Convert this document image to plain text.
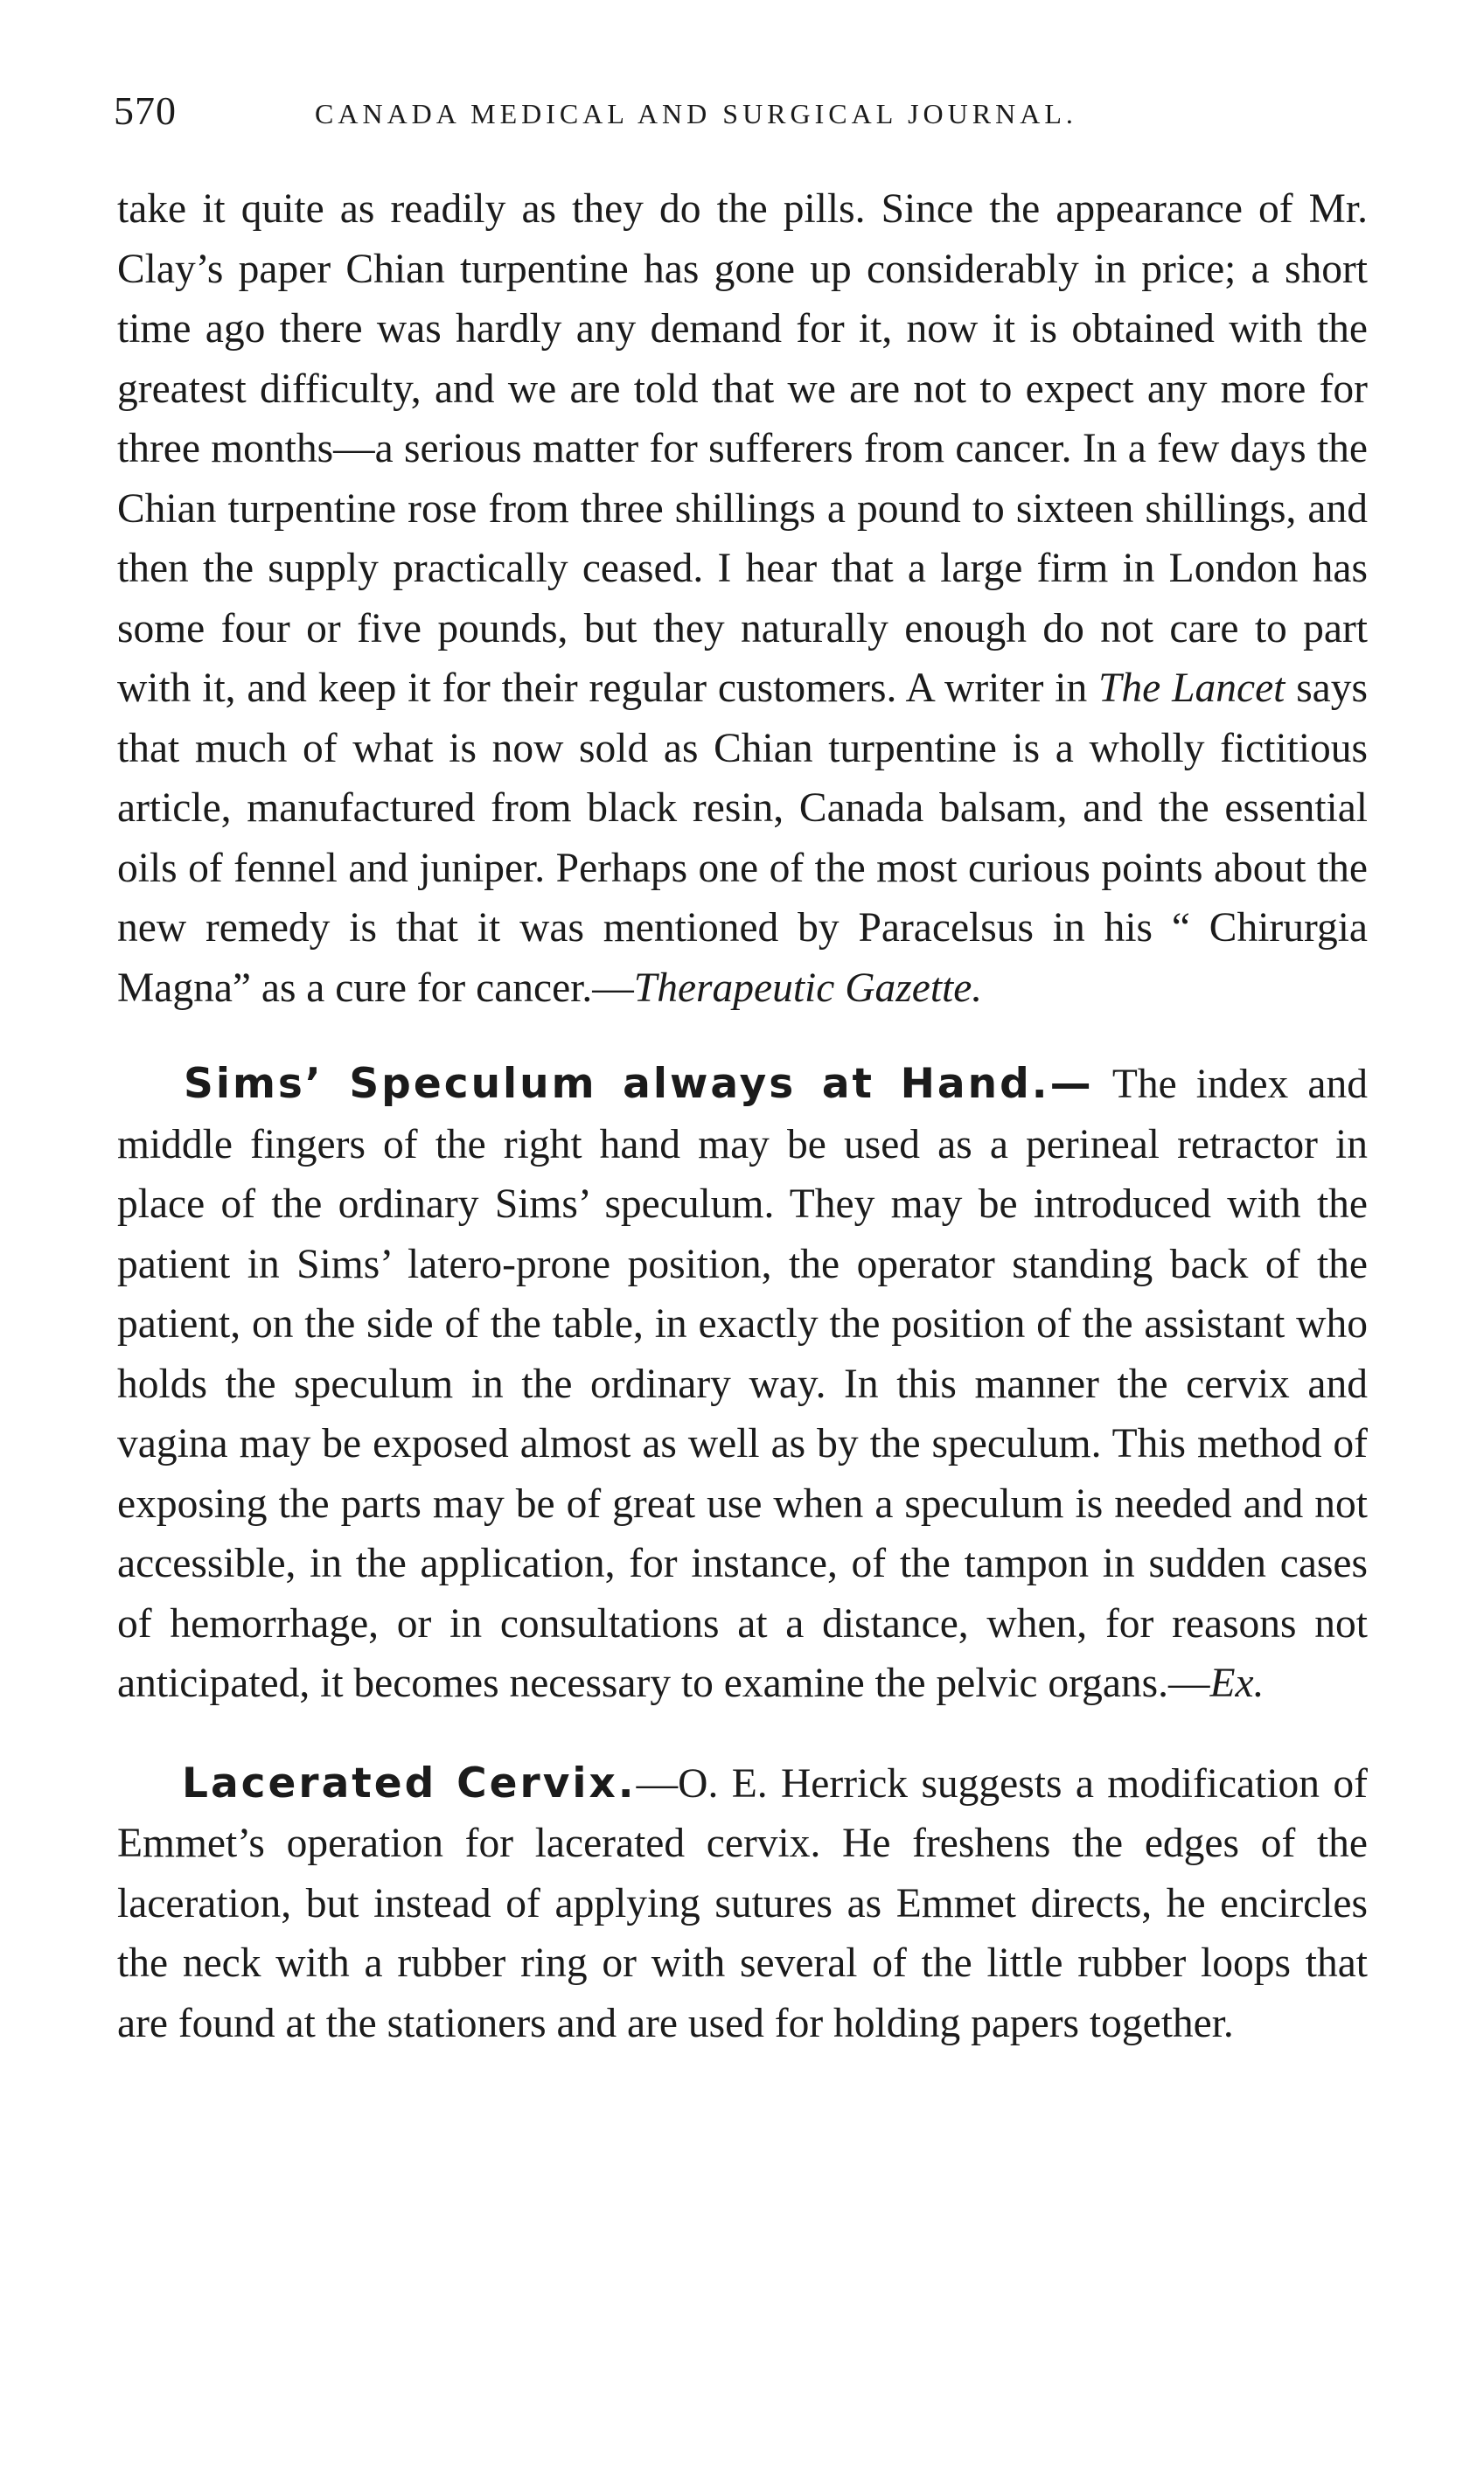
570	CANADA MEDICAL AND SURGICAL JOURNAL.

take it quite as readily as they do the pills. Since the appearance of Mr. Clay’s paper Chian turpentine has gone up considerably in price; a short time ago there was hardly any demand for it, now it is obtained with the greatest difficulty, and we are told that we are not to expect any more for three months—a serious matter for sufferers from cancer. In a few days the Chian turpentine rose from three shillings a pound to sixteen shillings, and then the supply practically ceased. I hear that a large firm in London has some four or five pounds, but they naturally enough do not care to part with it, and keep it for their regular customers. A writer in The Lancet says that much of what is now sold as Chian turpentine is a wholly fictitious article, manufactured from black resin, Canada balsam, and the essential oils of fennel and juniper. Perhaps one of the most curious points about the new remedy is that it was mentioned by Paracelsus in his “ Chirurgia Magna” as a cure for cancer.—Therapeutic Gazette.

Sims’ Speculum always at Hand.— The index and middle fingers of the right hand may be used as a perineal retractor in place of the ordinary Sims’ speculum. They may be introduced with the patient in Sims’ latero-prone position, the operator standing back of the patient, on the side of the table, in exactly the position of the assistant who holds the speculum in the ordinary way. In this manner the cervix and vagina may be exposed almost as well as by the speculum. This method of exposing the parts may be of great use when a speculum is needed and not accessible, in the application, for instance, of the tampon in sudden cases of hemorrhage, or in consultations at a distance, when, for reasons not anticipated, it becomes necessary to examine the pelvic organs.—Ex.

Lacerated Cervix.—O. E. Herrick suggests a modification of Emmet’s operation for lacerated cervix. He freshens the edges of the laceration, but instead of applying sutures as Emmet directs, he encircles the neck with a rubber ring or with several of the little rubber loops that are found at the stationers and are used for holding papers together.
